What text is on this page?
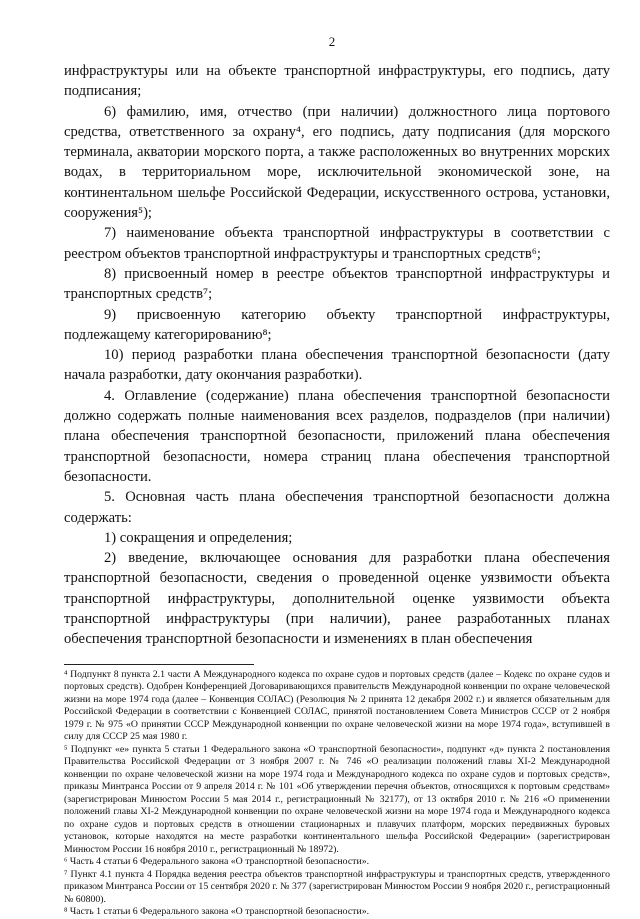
2

инфраструктуры или на объекте транспортной инфраструктуры, его подпись, дату подписания;

6) фамилию, имя, отчество (при наличии) должностного лица портового средства, ответственного за охрану⁴, его подпись, дату подписания (для морского терминала, акватории морского порта, а также расположенных во внутренних морских водах, в территориальном море, исключительной экономической зоне, на континентальном шельфе Российской Федерации, искусственного острова, установки, сооружения⁵);

7) наименование объекта транспортной инфраструктуры в соответствии с реестром объектов транспортной инфраструктуры и транспортных средств⁶;

8) присвоенный номер в реестре объектов транспортной инфраструктуры и транспортных средств⁷;

9) присвоенную категорию объекту транспортной инфраструктуры, подлежащему категорированию⁸;

10) период разработки плана обеспечения транспортной безопасности (дату начала разработки, дату окончания разработки).

4. Оглавление (содержание) плана обеспечения транспортной безопасности должно содержать полные наименования всех разделов, подразделов (при наличии) плана обеспечения транспортной безопасности, приложений плана обеспечения транспортной безопасности, номера страниц плана обеспечения транспортной безопасности.

5. Основная часть плана обеспечения транспортной безопасности должна содержать:

1) сокращения и определения;

2) введение, включающее основания для разработки плана обеспечения транспортной безопасности, сведения о проведенной оценке уязвимости объекта транспортной инфраструктуры, дополнительной оценке уязвимости объекта транспортной инфраструктуры (при наличии), ранее разработанных планах обеспечения транспортной безопасности и изменениях в план обеспечения

⁴ Подпункт 8 пункта 2.1 части А Международного кодекса по охране судов и портовых средств (далее – Кодекс по охране судов и портовых средств). Одобрен Конференцией Договаривающихся правительств Международной конвенции по охране человеческой жизни на море 1974 года (далее – Конвенция СОЛАС) (Резолюция № 2 принята 12 декабря 2002 г.) и является обязательным для Российской Федерации в соответствии с Конвенцией СОЛАС, принятой постановлением Совета Министров СССР от 2 ноября 1979 г. № 975 «О принятии СССР Международной конвенции по охране человеческой жизни на море 1974 года», вступившей в силу для СССР 25 мая 1980 г.

⁵ Подпункт «е» пункта 5 статьи 1 Федерального закона «О транспортной безопасности», подпункт «д» пункта 2 постановления Правительства Российской Федерации от 3 ноября 2007 г. № 746 «О реализации положений главы XI-2 Международной конвенции по охране человеческой жизни на море 1974 года и Международного кодекса по охране судов и портовых средств», приказы Минтранса России от 9 апреля 2014 г. № 101 «Об утверждении перечня объектов, относящихся к портовым средствам» (зарегистрирован Минюстом России 5 мая 2014 г., регистрационный № 32177), от 13 октября 2010 г. № 216 «О применении положений главы XI-2 Международной конвенции по охране человеческой жизни на море 1974 года и Международного кодекса по охране судов и портовых средств в отношении стационарных и плавучих платформ, морских передвижных буровых установок, которые находятся на месте разработки континентального шельфа Российской Федерации» (зарегистрирован Минюстом России 16 ноября 2010 г., регистрационный № 18972).

⁶ Часть 4 статьи 6 Федерального закона «О транспортной безопасности».

⁷ Пункт 4.1 пункта 4 Порядка ведения реестра объектов транспортной инфраструктуры и транспортных средств, утвержденного приказом Минтранса России от 15 сентября 2020 г. № 377 (зарегистрирован Минюстом России 9 ноября 2020 г., регистрационный № 60800).

⁸ Часть 1 статьи 6 Федерального закона «О транспортной безопасности».
